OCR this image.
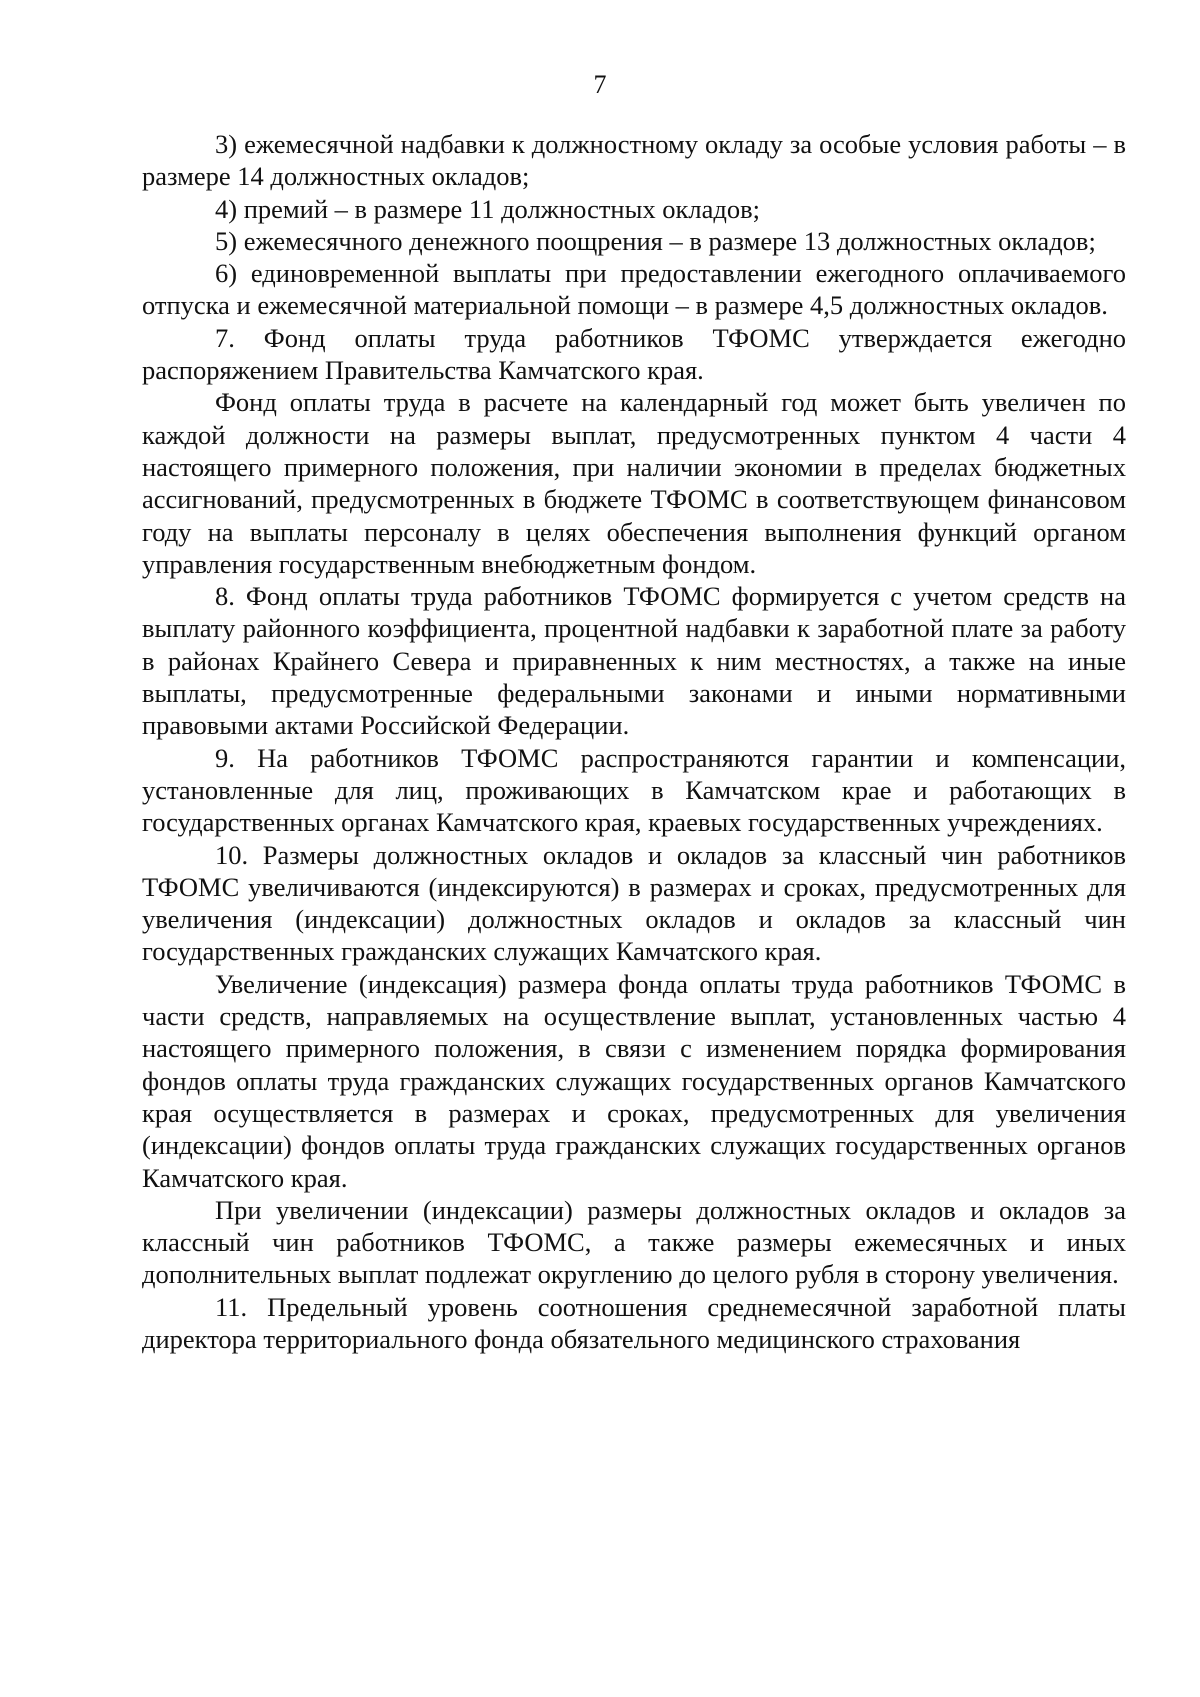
7

3) ежемесячной надбавки к должностному окладу за особые условия работы – в размере 14 должностных окладов;

4) премий – в размере 11 должностных окладов;

5) ежемесячного денежного поощрения – в размере 13 должностных окладов;

6) единовременной выплаты при предоставлении ежегодного оплачиваемого отпуска и ежемесячной материальной помощи – в размере 4,5 должностных окладов.

7. Фонд оплаты труда работников ТФОМС утверждается ежегодно распоряжением Правительства Камчатского края.

Фонд оплаты труда в расчете на календарный год может быть увеличен по каждой должности на размеры выплат, предусмотренных пунктом 4 части 4 настоящего примерного положения, при наличии экономии в пределах бюджетных ассигнований, предусмотренных в бюджете ТФОМС в соответствующем финансовом году на выплаты персоналу в целях обеспечения выполнения функций органом управления государственным внебюджетным фондом.

8. Фонд оплаты труда работников ТФОМС формируется с учетом средств на выплату районного коэффициента, процентной надбавки к заработной плате за работу в районах Крайнего Севера и приравненных к ним местностях, а также на иные выплаты, предусмотренные федеральными законами и иными нормативными правовыми актами Российской Федерации.

9. На работников ТФОМС распространяются гарантии и компенсации, установленные для лиц, проживающих в Камчатском крае и работающих в государственных органах Камчатского края, краевых государственных учреждениях.

10. Размеры должностных окладов и окладов за классный чин работников ТФОМС увеличиваются (индексируются) в размерах и сроках, предусмотренных для увеличения (индексации) должностных окладов и окладов за классный чин государственных гражданских служащих Камчатского края.

Увеличение (индексация) размера фонда оплаты труда работников ТФОМС в части средств, направляемых на осуществление выплат, установленных частью 4 настоящего примерного положения, в связи с изменением порядка формирования фондов оплаты труда гражданских служащих государственных органов Камчатского края осуществляется в размерах и сроках, предусмотренных для увеличения (индексации) фондов оплаты труда гражданских служащих государственных органов Камчатского края.

При увеличении (индексации) размеры должностных окладов и окладов за классный чин работников ТФОМС, а также размеры ежемесячных и иных дополнительных выплат подлежат округлению до целого рубля в сторону увеличения.

11. Предельный уровень соотношения среднемесячной заработной платы директора территориального фонда обязательного медицинского страхования
